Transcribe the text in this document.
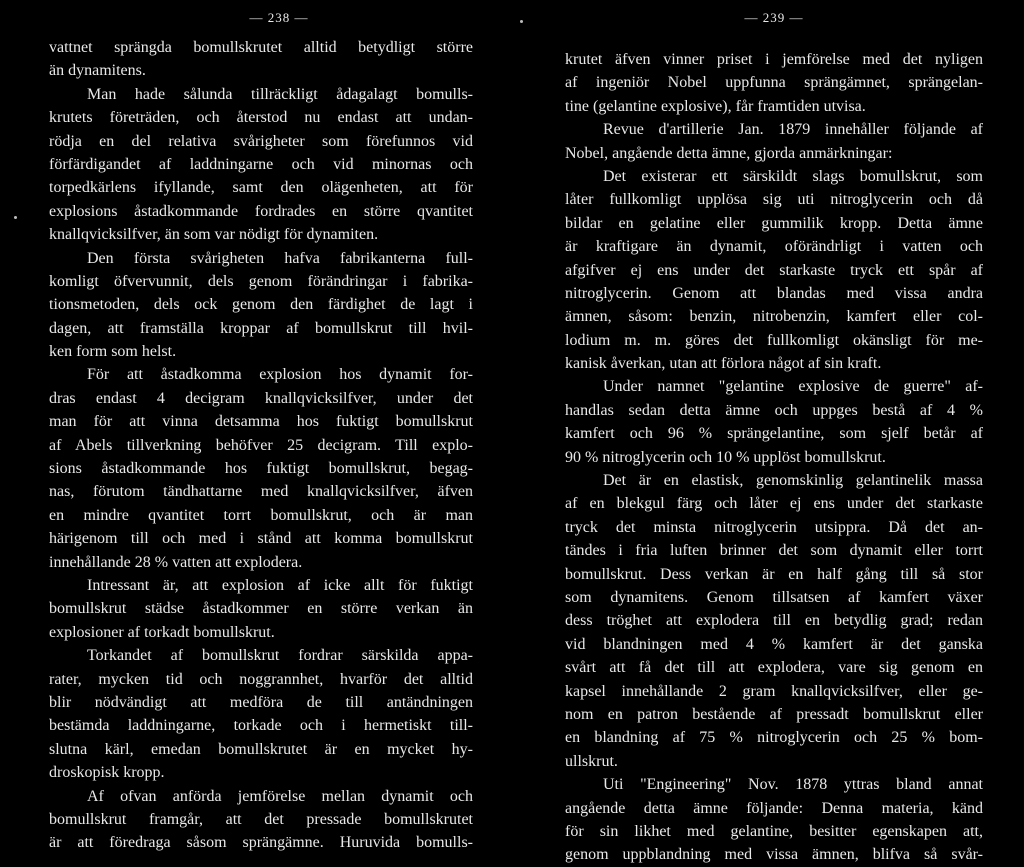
— 238 —
vattnet sprängda bomullskrutet alltid betydligt större
än dynamitens.
Man hade sålunda tillräckligt ådagalagt bomulls-
krutets företräden, och återstod nu endast att undan-
rödja en del relativa svårigheter som förefunnos vid
förfärdigandet af laddningarne och vid minornas och
torpedkärlens ifyllande, samt den olägenheten, att för
explosions åstadkommande fordrades en större qvantitet
knallqvicksilfver, än som var nödigt för dynamiten.
Den första svårigheten hafva fabrikanterna full-
komligt öfvervunnit, dels genom förändringar i fabrika-
tionsmetoden, dels ock genom den färdighet de lagt i
dagen, att framställa kroppar af bomullskrut till hvil-
ken form som helst.
För att åstadkomma explosion hos dynamit for-
dras endast 4 decigram knallqvicksilfver, under det
man för att vinna detsamma hos fuktigt bomullskrut
af Abels tillverkning behöfver 25 decigram. Till explo-
sions åstadkommande hos fuktigt bomullskrut, begag-
nas, förutom tändhattarne med knallqvicksilfver, äfven
en mindre qvantitet torrt bomullskrut, och är man
härigenom till och med i stånd att komma bomullskrut
innehållande 28 % vatten att explodera.
Intressant är, att explosion af icke allt för fuktigt
bomullskrut städse åstadkommer en större verkan än
explosioner af torkadt bomullskrut.
Torkandet af bomullskrut fordrar särskilda appa-
rater, mycken tid och noggrannhet, hvarför det alltid
blir nödvändigt att medföra de till antändningen
bestämda laddningarne, torkade och i hermetiskt till-
slutna kärl, emedan bomullskrutet är en mycket hy-
droskopisk kropp.
Af ofvan anförda jemförelse mellan dynamit och
bomullskrut framgår, att det pressade bomullskrutet
är att föredraga såsom sprängämne. Huruvida bomulls-
— 239 —
krutet äfven vinner priset i jemförelse med det nyligen
af ingeniör Nobel uppfunna sprängämnet, sprängelan-
tine (gelantine explosive), får framtiden utvisa.
Revue d'artillerie Jan. 1879 innehåller följande af
Nobel, angående detta ämne, gjorda anmärkningar:
Det existerar ett särskildt slags bomullskrut, som
låter fullkomligt upplösa sig uti nitroglycerin och då
bildar en gelatine eller gummilik kropp. Detta ämne
är kraftigare än dynamit, oförändrligt i vatten och
afgifver ej ens under det starkaste tryck ett spår af
nitroglycerin. Genom att blandas med vissa andra
ämnen, såsom: benzin, nitrobenzin, kamfert eller col-
lodium m. m. göres det fullkomligt okänsligt för me-
kanisk åverkan, utan att förlora något af sin kraft.
Under namnet "gelantine explosive de guerre" af-
handlas sedan detta ämne och uppges bestå af 4 %
kamfert och 96 % sprängelantine, som sjelf betår af
90 % nitroglycerin och 10 % upplöst bomullskrut.
Det är en elastisk, genomskinlig gelantinelik massa
af en blekgul färg och låter ej ens under det starkaste
tryck det minsta nitroglycerin utsippra. Då det an-
tändes i fria luften brinner det som dynamit eller torrt
bomullskrut. Dess verkan är en half gång till så stor
som dynamitens. Genom tillsatsen af kamfert växer
dess tröghet att explodera till en betydlig grad; redan
vid blandningen med 4 % kamfert är det ganska
svårt att få det till att explodera, vare sig genom en
kapsel innehållande 2 gram knallqvicksilfver, eller ge-
nom en patron bestående af pressadt bomullskrut eller
en blandning af 75 % nitroglycerin och 25 % bom-
ullskrut.
Uti "Engineering" Nov. 1878 yttras bland annat
angående detta ämne följande: Denna materia, känd
för sin likhet med gelantine, besitter egenskapen att,
genom uppblandning med vissa ämnen, blifva så svår-
